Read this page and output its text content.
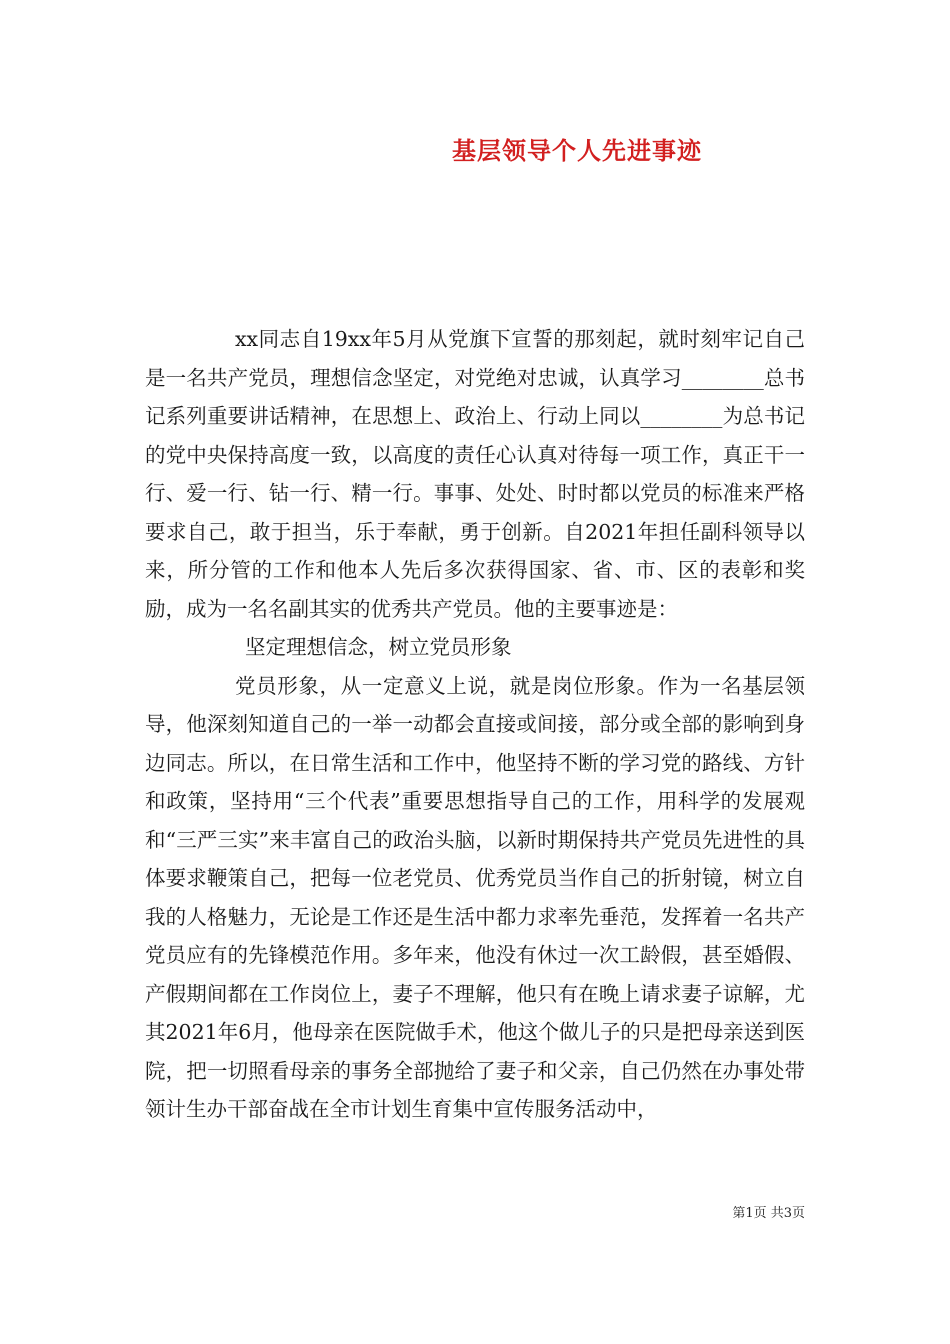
基层领导个人先进事迹

xx同志自19xx年5月从党旗下宣誓的那刻起，就时刻牢记自己是一名共产党员，理想信念坚定，对党绝对忠诚，认真学习________总书记系列重要讲话精神，在思想上、政治上、行动上同以________为总书记的党中央保持高度一致，以高度的责任心认真对待每一项工作，真正干一行、爱一行、钻一行、精一行。事事、处处、时时都以党员的标准来严格要求自己，敢于担当，乐于奉献，勇于创新。自2021年担任副科领导以来，所分管的工作和他本人先后多次获得国家、省、市、区的表彰和奖励，成为一名名副其实的优秀共产党员。他的主要事迹是：

坚定理想信念，树立党员形象

党员形象，从一定意义上说，就是岗位形象。作为一名基层领导，他深刻知道自己的一举一动都会直接或间接，部分或全部的影响到身边同志。所以，在日常生活和工作中，他坚持不断的学习党的路线、方针和政策，坚持用“三个代表”重要思想指导自己的工作，用科学的发展观和“三严三实”来丰富自己的政治头脑，以新时期保持共产党员先进性的具体要求鞭策自己，把每一位老党员、优秀党员当作自己的折射镜，树立自我的人格魅力，无论是工作还是生活中都力求率先垂范，发挥着一名共产党员应有的先锋模范作用。多年来，他没有休过一次工龄假，甚至婚假、产假期间都在工作岗位上，妻子不理解，他只有在晚上请求妻子谅解，尤其2021年6月，他母亲在医院做手术，他这个做儿子的只是把母亲送到医院，把一切照看母亲的事务全部抛给了妻子和父亲，自己仍然在办事处带领计生办干部奋战在全市计划生育集中宣传服务活动中，

第1页 共3页
